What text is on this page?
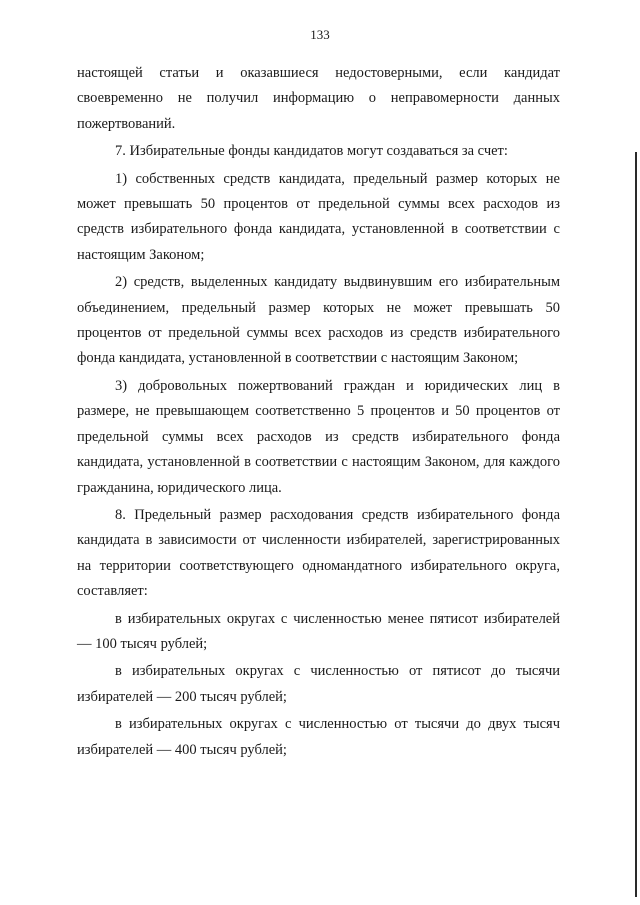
133

настоящей статьи и оказавшиеся недостоверными, если кандидат своевременно не получил информацию о неправомерности данных пожертвований.

7. Избирательные фонды кандидатов могут создаваться за счет:

1) собственных средств кандидата, предельный размер которых не может превышать 50 процентов от предельной суммы всех расходов из средств избирательного фонда кандидата, установленной в соответствии с настоящим Законом;

2) средств, выделенных кандидату выдвинувшим его избирательным объединением, предельный размер которых не может превышать 50 процентов от предельной суммы всех расходов из средств избирательного фонда кандидата, установленной в соответствии с настоящим Законом;

3) добровольных пожертвований граждан и юридических лиц в размере, не превышающем соответственно 5 процентов и 50 процентов от предельной суммы всех расходов из средств избирательного фонда кандидата, установленной в соответствии с настоящим Законом, для каждого гражданина, юридического лица.

8. Предельный размер расходования средств избирательного фонда кандидата в зависимости от численности избирателей, зарегистрированных на территории соответствующего одномандатного избирательного округа, составляет:

в избирательных округах с численностью менее пятисот избирателей — 100 тысяч рублей;

в избирательных округах с численностью от пятисот до тысячи избирателей — 200 тысяч рублей;

в избирательных округах с численностью от тысячи до двух тысяч избирателей — 400 тысяч рублей;
